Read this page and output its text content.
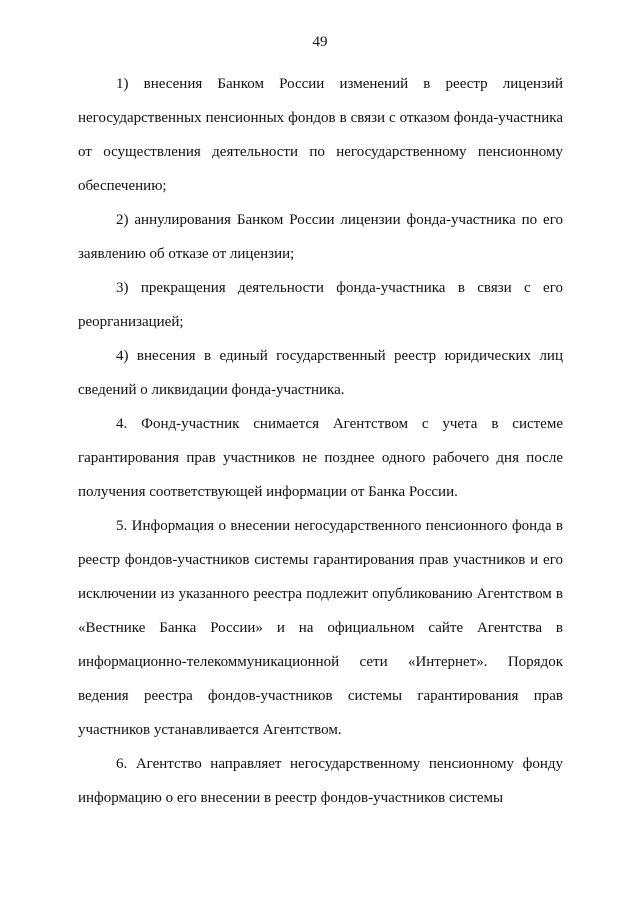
49

1) внесения Банком России изменений в реестр лицензий негосударственных пенсионных фондов в связи с отказом фонда-участника от осуществления деятельности по негосударственному пенсионному обеспечению;

2) аннулирования Банком России лицензии фонда-участника по его заявлению об отказе от лицензии;

3) прекращения деятельности фонда-участника в связи с его реорганизацией;

4) внесения в единый государственный реестр юридических лиц сведений о ликвидации фонда-участника.

4. Фонд-участник снимается Агентством с учета в системе гарантирования прав участников не позднее одного рабочего дня после получения соответствующей информации от Банка России.

5. Информация о внесении негосударственного пенсионного фонда в реестр фондов-участников системы гарантирования прав участников и его исключении из указанного реестра подлежит опубликованию Агентством в «Вестнике Банка России» и на официальном сайте Агентства в информационно-телекоммуникационной сети «Интернет». Порядок ведения реестра фондов-участников системы гарантирования прав участников устанавливается Агентством.

6. Агентство направляет негосударственному пенсионному фонду информацию о его внесении в реестр фондов-участников системы
